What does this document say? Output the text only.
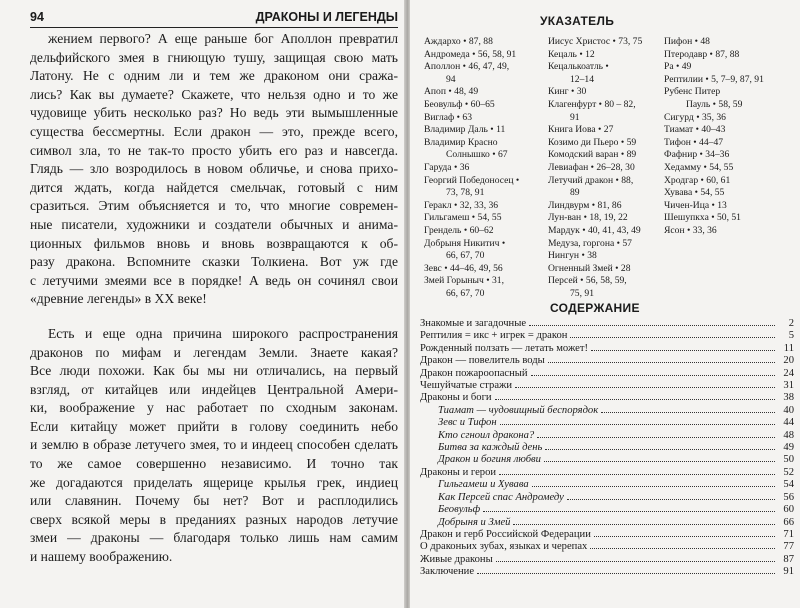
94	ДРАКОНЫ И ЛЕГЕНДЫ
жением первого? А еще раньше бог Аполлон превратил
дельфийского змея в гниющую тушу, защищая свою мать
Латону. Не с одним ли и тем же драконом они сража-
лись? Как вы думаете? Скажете, что нельзя одно и то же
чудовище убить несколько раз? Но ведь эти вымышленные
существа бессмертны. Если дракон — это, прежде всего,
символ зла, то не так-то просто убить его раз и навсегда.
Глядь — зло возродилось в новом обличье, и снова прихо-
дится ждать, когда найдется смельчак, готовый с ним
сразиться. Этим объясняется и то, что многие современ-
ные писатели, художники и создатели обычных и анима-
ционных фильмов вновь и вновь возвращаются к об-
разу дракона. Вспомните сказки Толкиена. Вот уж где
с летучими змеями все в порядке! А ведь он сочинял свои
«древние легенды» в XX веке!
Есть и еще одна причина широкого распространения
драконов по мифам и легендам Земли. Знаете какая?
Все люди похожи. Как бы мы ни отличались, на первый
взгляд, от китайцев или индейцев Центральной Амери-
ки, воображение у нас работает по сходным законам.
Если китайцу может прийти в голову соединить небо
и землю в образе летучего змея, то и индеец способен сделать
то же самое совершенно независимо. И точно так
же догадаются приделать ящерице крылья грек, индиец
или славянин. Почему бы нет? Вот и расплодились
сверх всякой меры в преданиях разных народов летучие
змеи — драконы — благодаря только лишь нам самим
и нашему воображению.
УКАЗАТЕЛЬ
Аждархо • 87, 88
Андромеда • 56, 58, 91
Аполлон • 46, 47, 49,
94
Апоп • 48, 49
Беовульф • 60–65
Виглаф • 63
Владимир Даль • 11
Владимир Красно
Солнышко • 67
Гаруда • 36
Георгий Победоносец •
73, 78, 91
Геракл • 32, 33, 36
Гильгамеш • 54, 55
Грендель • 60–62
Добрыня Никитич •
66, 67, 70
Зевс • 44–46, 49, 56
Змей Горыныч • 31,
66, 67, 70
Иисус Христос • 73, 75
Кецаль • 12
Кецалькоатль •
12–14
Кинг • 30
Клагенфурт • 80 – 82,
91
Книга Иова • 27
Козимо ди Пьеро • 59
Комодский варан • 89
Левиафан • 26–28, 30
Летучий дракон • 88,
89
Линдвурм • 81, 86
Лун-ван • 18, 19, 22
Мардук • 40, 41, 43, 49
Медуза, горгона • 57
Нингун • 38
Огненный Змей • 28
Персей • 56, 58, 59,
75, 91
Пифон • 48
Птеродавр • 87, 88
Ра • 49
Рептилии • 5, 7–9, 87, 91
Рубенс Питер
Пауль • 58, 59
Сигурд • 35, 36
Тиамат • 40–43
Тифон • 44–47
Фафнир • 34–36
Хедаммy • 54, 55
Хродгар • 60, 61
Хувава • 54, 55
Чичен-Ица • 13
Шешупкха • 50, 51
Ясон • 33, 36
СОДЕРЖАНИЕ
Знакомые и загадочные	2
Рептилия = икс + игрек = дракон	5
Рожденный ползать — летать может!	11
Дракон — повелитель воды	20
Дракон пожароопасный	24
Чешуйчатые стражи	31
Драконы и боги	38
Тиамат — чудовищный беспорядок	40
Зевс и Тифон	44
Кто сгноил дракона?	48
Битва за каждый день	49
Дракон и богиня любви	50
Драконы и герои	52
Гильгамеш и Хувава	54
Как Персей спас Андромеду	56
Беовульф	60
Добрыня и Змей	66
Дракон и герб Российской Федерации	71
О драконьих зубах, языках и черепах	77
Живые драконы	87
Заключение	91
